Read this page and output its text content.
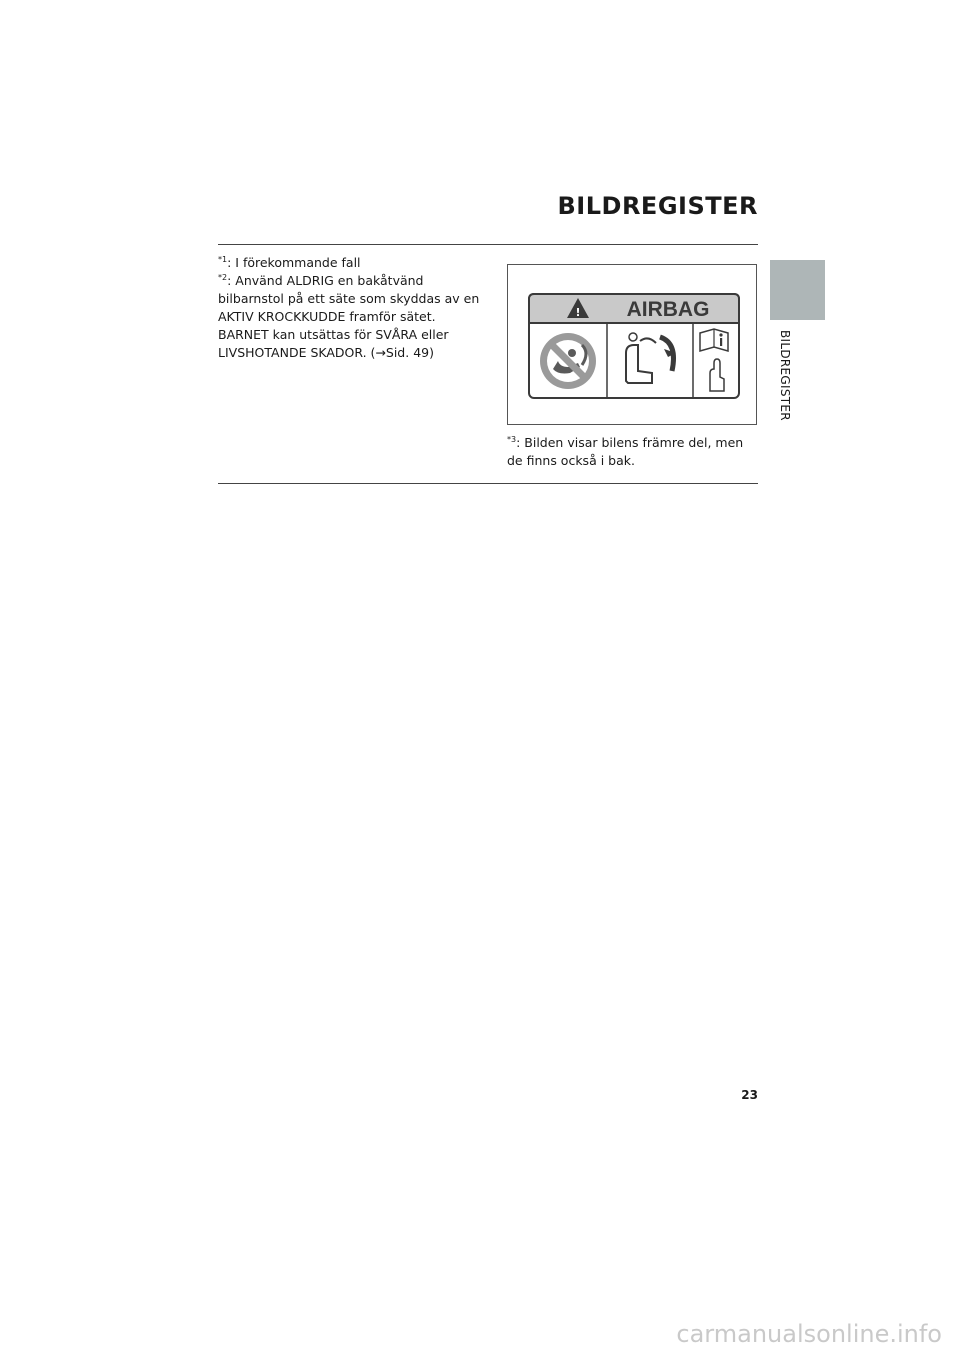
BILDREGISTER
BILDREGISTER

$^{*1}$: I förekommande fall

$^{*2}$: Använd ALDRIG en bakåtvänd bilbarnstol på ett säte som skyddas av en AKTIV KROCKKUDDE framför sätet. BARNET kan utsättas för SVÅRA eller LIVSHOTANDE SKADOR. (→Sid. 49)

! AIRBAG

$^{*3}$: Bilden visar bilens främre del, men de finns också i bak.

23
carmanualsonline.info
